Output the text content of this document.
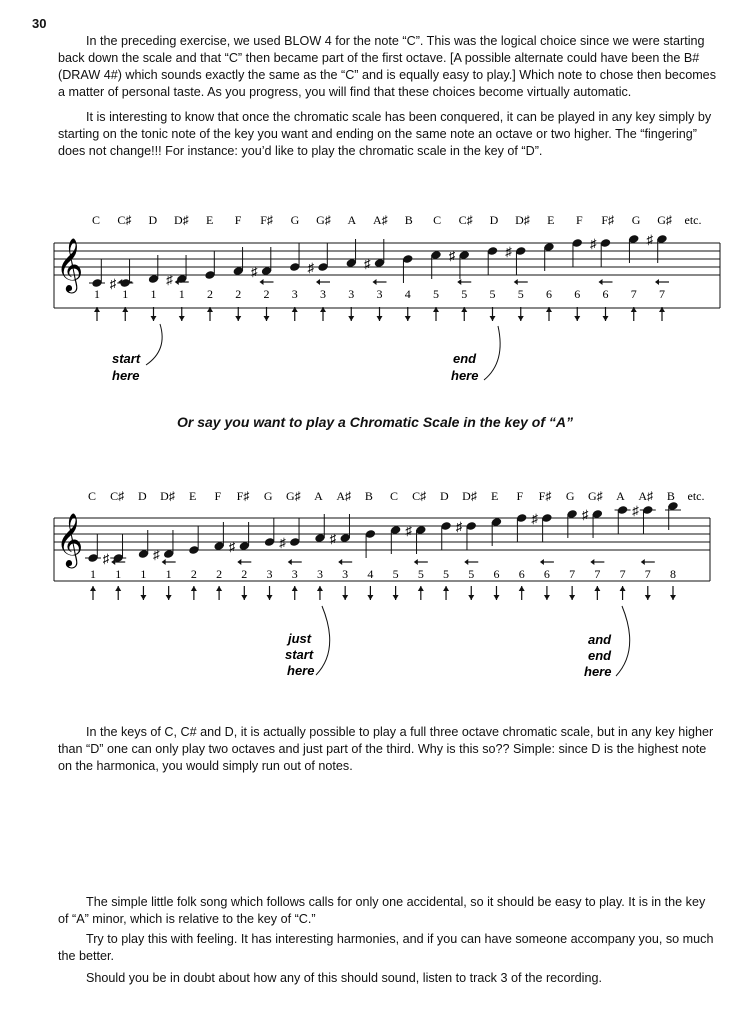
30

In the preceding exercise, we used BLOW 4 for the note “C”. This was the logical choice since we were starting back down the scale and that “C” then became part of the first octave. [A possible alternate could have been the B# (DRAW 4#) which sounds exactly the same as the “C” and is equally easy to play.] Which note to chose then becomes a matter of personal taste. As you progress, you will find that these choices become virtually automatic.

It is interesting to know that once the chromatic scale has been conquered, it can be played in any key simply by starting on the tonic note of the key you want and ending on the same note an octave or two higher. The “fingering” does not change!!! For instance: you’d like to play the chromatic scale in the key of “D”.

C C♯ D D♯ E F F♯ G G♯ A A♯ B C C♯ D D♯ E F F♯ G G♯ etc.
𝄞 ♯	♯
♯	♯	♯
♯	♯
♯	♯
1 1 1 1 2 2 2 3 3 3 3 4 5 5 5 5 6 6 6 7 7
start
here
end
here
Or say you want to play a Chromatic Scale in the key of “A”
C C♯ D D♯ E F F♯ G G♯ A A♯ B C C♯ D D♯ E F F♯ G G♯ A A♯ B etc.
𝄞 ♯	♯
♯	♯	♯
♯	♯
♯	♯	♯
1 1 1 1 2 2 2 3 3 3 3 4 5 5 5 5 6 6 6 7 7 7 7 8
just
start
here
and
end
here

In the keys of C, C# and D, it is actually possible to play a full three octave chromatic scale, but in any key higher than “D” one can only play two octaves and just part of the third. Why is this so?? Simple: since D is the highest note on the harmonica, you would simply run out of notes.

The simple little folk song which follows calls for only one accidental, so it should be easy to play. It is in the key of “A” minor, which is relative to the key of “C.”

Try to play this with feeling. It has interesting harmonies, and if you can have someone accompany you, so much the better.

Should you be in doubt about how any of this should sound, listen to track 3 of the recording.
